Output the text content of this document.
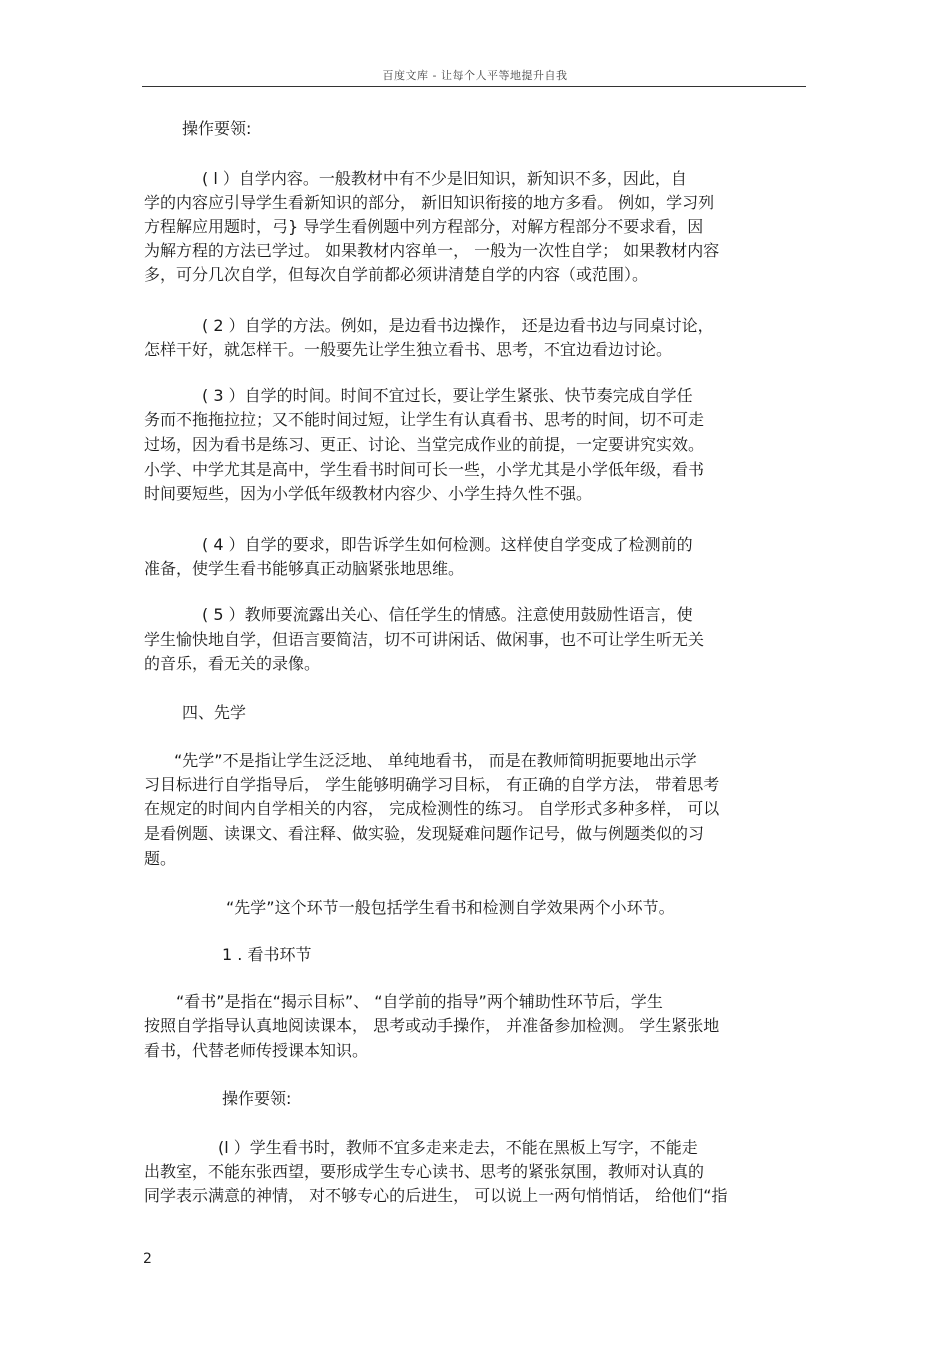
百度文库 - 让每个人平等地提升自我
操作要领:
( l ）自学内容。一般教材中有不少是旧知识，新知识不多，因此，自
学的内容应引导学生看新知识的部分， 新旧知识衔接的地方多看。 例如，学习列
方程解应用题时，弓} 导学生看例题中列方程部分，对解方程部分不要求看，因
为解方程的方法已学过。 如果教材内容单一， 一般为一次性自学； 如果教材内容
多，可分几次自学，但每次自学前都必须讲清楚自学的内容（或范围）。
( 2 ）自学的方法。例如，是边看书边操作， 还是边看书边与同桌讨论，
怎样干好，就怎样干。一般要先让学生独立看书、思考，不宜边看边讨论。
( 3 ）自学的时间。时间不宜过长，要让学生紧张、快节奏完成自学任
务而不拖拖拉拉；又不能时间过短，让学生有认真看书、思考的时间，切不可走
过场，因为看书是练习、更正、讨论、当堂完成作业的前提，一定要讲究实效。
小学、中学尤其是高中，学生看书时间可长一些，小学尤其是小学低年级，看书
时间要短些，因为小学低年级教材内容少、小学生持久性不强。
( 4 ）自学的要求，即告诉学生如何检测。这样使自学变成了检测前的
准备，使学生看书能够真正动脑紧张地思维。
( 5 ）教师要流露出关心、信任学生的情感。注意使用鼓励性语言，使
学生愉快地自学，但语言要简洁，切不可讲闲话、做闲事，也不可让学生听无关
的音乐，看无关的录像。
四、先学
“先学”不是指让学生泛泛地、 单纯地看书， 而是在教师简明扼要地出示学
习目标进行自学指导后， 学生能够明确学习目标， 有正确的自学方法， 带着思考
在规定的时间内自学相关的内容， 完成检测性的练习。 自学形式多种多样， 可以
是看例题、读课文、看注释、做实验，发现疑难问题作记号，做与例题类似的习
题。
“先学”这个环节一般包括学生看书和检测自学效果两个小环节。
1 . 看书环节
“看书”是指在“揭示目标”、 “自学前的指导”两个辅助性环节后，学生
按照自学指导认真地阅读课本， 思考或动手操作， 并准备参加检测。 学生紧张地
看书，代替老师传授课本知识。
操作要领:
(l ）学生看书时，教师不宜多走来走去，不能在黑板上写字，不能走
出教室，不能东张西望，要形成学生专心读书、思考的紧张氛围，教师对认真的
同学表示满意的神情， 对不够专心的后进生， 可以说上一两句悄悄话， 给他们“指
2
